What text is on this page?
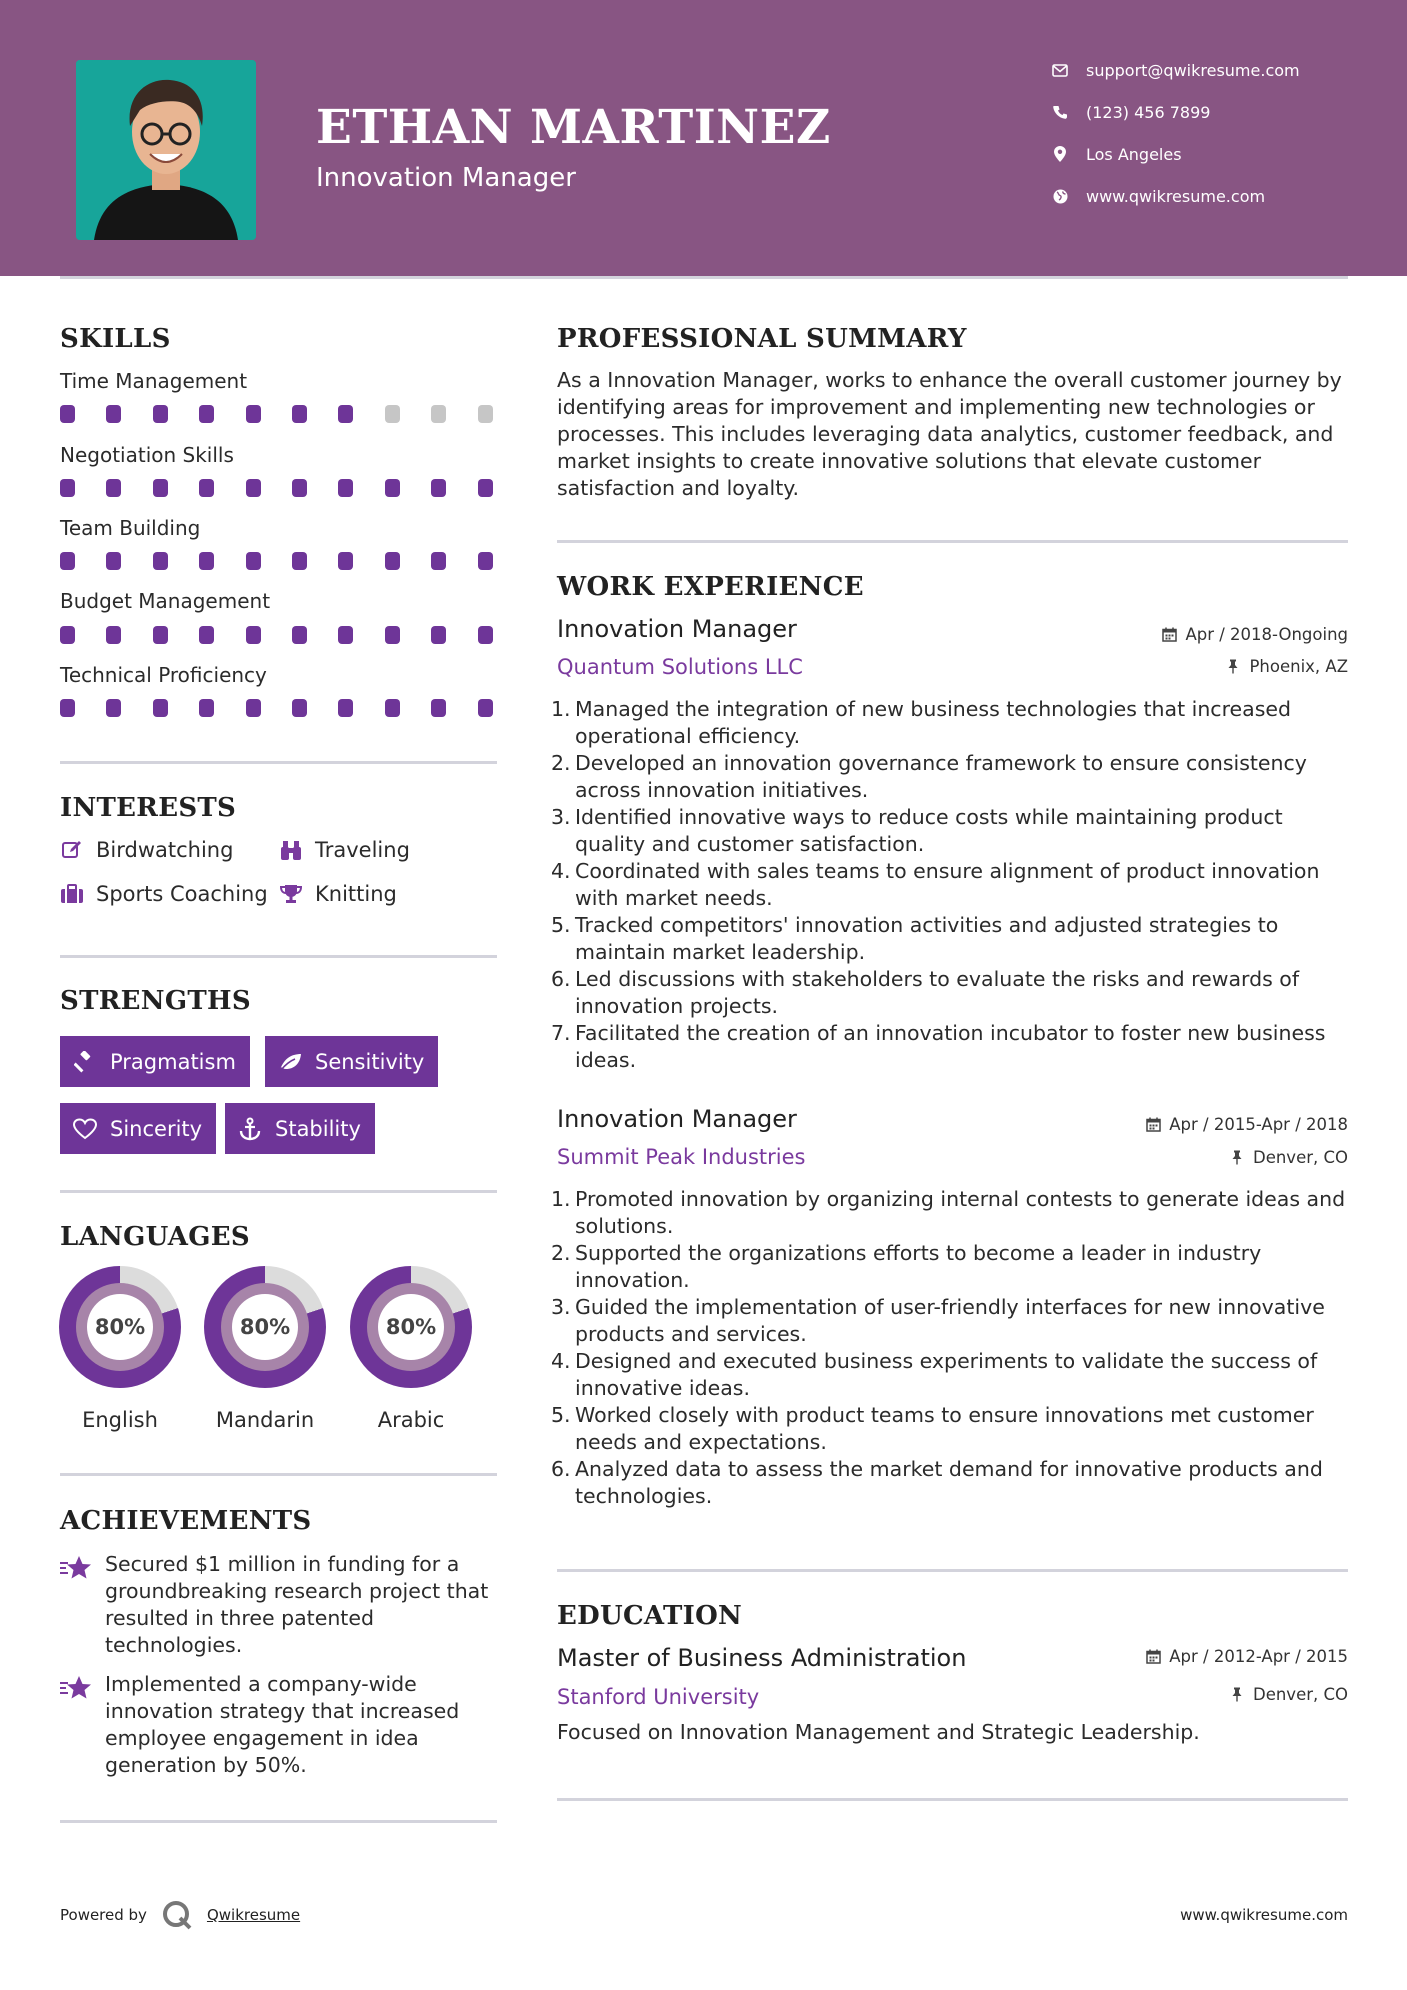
ETHAN MARTINEZ
Innovation Manager
support@qwikresume.com
(123) 456 7899
Los Angeles
www.qwikresume.com
SKILLS
Time Management
Negotiation Skills
Team Building
Budget Management
Technical Proficiency
INTERESTS
Birdwatching	Traveling
Sports Coaching Knitting
STRENGTHS
Pragmatism	Sensitivity
Sincerity	Stability
LANGUAGES
80%
English
80%
Mandarin
80%
Arabic
ACHIEVEMENTS
Secured $1 million in funding for a groundbreaking research project that resulted in three patented technologies.
Implemented a company-wide innovation strategy that increased employee engagement in idea generation by 50%.
PROFESSIONAL SUMMARY
As a Innovation Manager, works to enhance the overall customer journey by identifying areas for improvement and implementing new technologies or processes. This includes leveraging data analytics, customer feedback, and market insights to create innovative solutions that elevate customer satisfaction and loyalty.
WORK EXPERIENCE
Innovation Manager	Apr / 2018-Ongoing
Quantum Solutions LLC	Phoenix, AZ
1. Managed the integration of new business technologies that increased operational efficiency.
2. Developed an innovation governance framework to ensure consistency across innovation initiatives.
3. Identified innovative ways to reduce costs while maintaining product quality and customer satisfaction.
4. Coordinated with sales teams to ensure alignment of product innovation with market needs.
5. Tracked competitors' innovation activities and adjusted strategies to maintain market leadership.
6. Led discussions with stakeholders to evaluate the risks and rewards of innovation projects.
7. Facilitated the creation of an innovation incubator to foster new business ideas.
Innovation Manager	Apr / 2015-Apr / 2018
Summit Peak Industries	Denver, CO
1. Promoted innovation by organizing internal contests to generate ideas and solutions.
2. Supported the organizations efforts to become a leader in industry innovation.
3. Guided the implementation of user-friendly interfaces for new innovative products and services.
4. Designed and executed business experiments to validate the success of innovative ideas.
5. Worked closely with product teams to ensure innovations met customer needs and expectations.
6. Analyzed data to assess the market demand for innovative products and technologies.
EDUCATION
Master of Business Administration	Apr / 2012-Apr / 2015
Stanford University	Denver, CO
Focused on Innovation Management and Strategic Leadership.
Powered by	Qwikresume	www.qwikresume.com
